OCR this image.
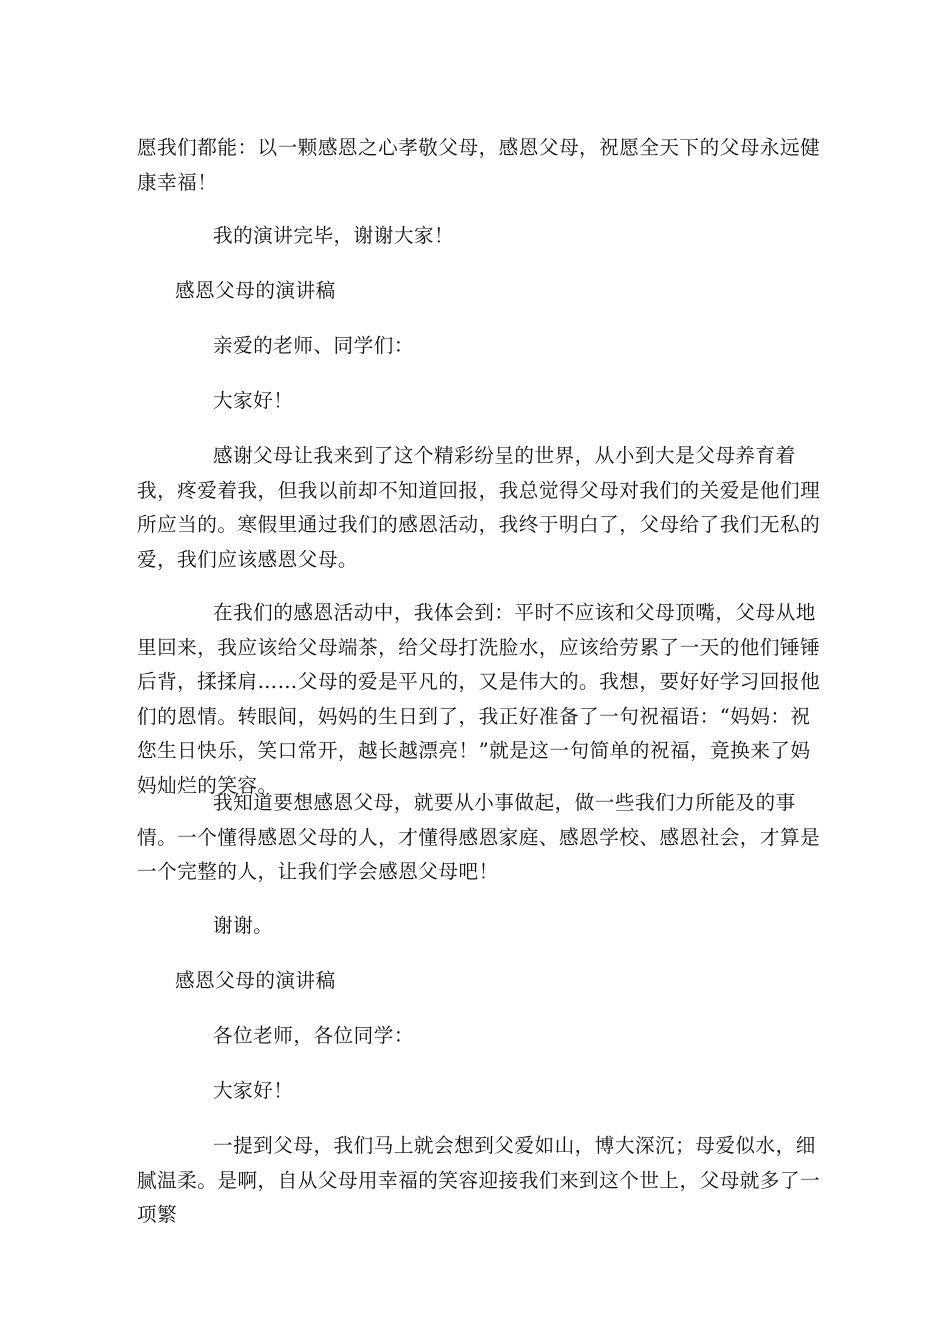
愿我们都能：以一颗感恩之心孝敬父母，感恩父母，祝愿全天下的父母永远健康幸福！

我的演讲完毕，谢谢大家！

感恩父母的演讲稿

亲爱的老师、同学们：

大家好！

感谢父母让我来到了这个精彩纷呈的世界，从小到大是父母养育着我，疼爱着我，但我以前却不知道回报，我总觉得父母对我们的关爱是他们理所应当的。寒假里通过我们的感恩活动，我终于明白了，父母给了我们无私的爱，我们应该感恩父母。

在我们的感恩活动中，我体会到：平时不应该和父母顶嘴，父母从地里回来，我应该给父母端茶，给父母打洗脸水，应该给劳累了一天的他们锤锤后背，揉揉肩……父母的爱是平凡的，又是伟大的。我想，要好好学习回报他们的恩情。转眼间，妈妈的生日到了，我正好准备了一句祝福语：“妈妈：祝您生日快乐，笑口常开，越长越漂亮！”就是这一句简单的祝福，竟换来了妈妈灿烂的笑容。

我知道要想感恩父母，就要从小事做起，做一些我们力所能及的事情。一个懂得感恩父母的人，才懂得感恩家庭、感恩学校、感恩社会，才算是一个完整的人，让我们学会感恩父母吧！

谢谢。

感恩父母的演讲稿

各位老师，各位同学：

大家好！

一提到父母，我们马上就会想到父爱如山，博大深沉；母爱似水，细腻温柔。是啊，自从父母用幸福的笑容迎接我们来到这个世上，父母就多了一项繁
